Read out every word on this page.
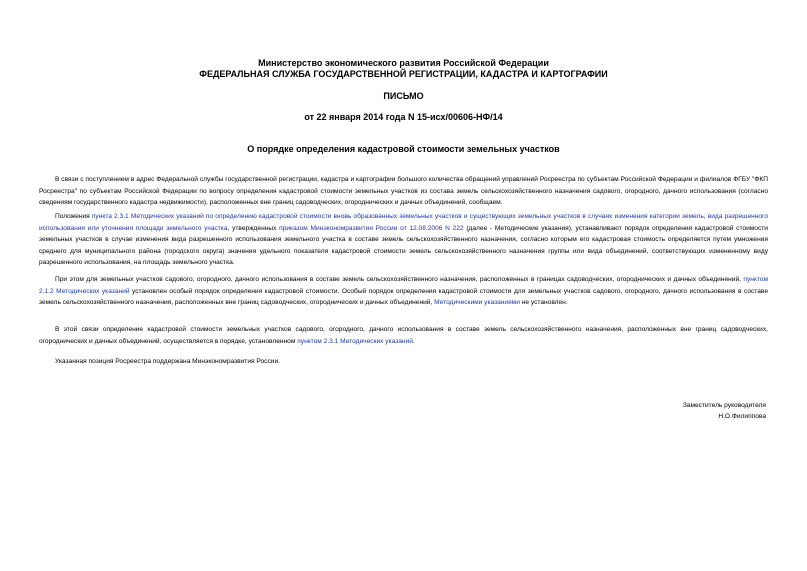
Министерство экономического развития Российской Федерации
ФЕДЕРАЛЬНАЯ СЛУЖБА ГОСУДАРСТВЕННОЙ РЕГИСТРАЦИИ, КАДАСТРА И КАРТОГРАФИИ
ПИСЬМО
от 22 января 2014 года N 15-исх/00606-НФ/14
О порядке определения кадастровой стоимости земельных участков
В связи с поступлением в адрес Федеральной службы государственной регистрации, кадастра и картографии большого количества обращений управлений Росреестра по субъектам Российской Федерации и филиалов ФГБУ "ФКП Росреестра" по субъектам Российской Федерации по вопросу определения кадастровой стоимости земельных участков из состава земель сельскохозяйственного назначения садового, огородного, дачного использования (согласно сведениям государственного кадастра недвижимости), расположенных вне границ садоводческих, огороднических и дачных объединений, сообщаем.
Положения пункта 2.3.1 Методических указаний по определению кадастровой стоимости вновь образованных земельных участков и существующих земельных участков в случаях изменения категории земель, вида разрешенного использования или уточнения площади земельного участка, утвержденных приказом Минэкономразвития России от 12.08.2006 N 222 (далее - Методические указания), устанавливают порядок определения кадастровой стоимости земельных участков в случае изменения вида разрешенного использования земельного участка в составе земель сельскохозяйственного назначения, согласно которым его кадастровая стоимость определяется путем умножения среднего для муниципального района (городского округа) значения удельного показателя кадастровой стоимости земель сельскохозяйственного назначения группы или вида объединений, соответствующих измененному виду разрешенного использования, на площадь земельного участка.
При этом для земельных участков садового, огородного, дачного использования в составе земель сельскохозяйственного назначения, расположенных в границах садоводческих, огороднических и дачных объединений, пунктом 2.1.2 Методических указаний установлен особый порядок определения кадастровой стоимости. Особый порядок определения кадастровой стоимости для земельных участков садового, огородного, дачного использования в составе земель сельскохозяйственного назначения, расположенных вне границ садоводческих, огороднических и дачных объединений, Методическими указаниями не установлен.
В этой связи определение кадастровой стоимости земельных участков садового, огородного, дачного использования в составе земель сельскохозяйственного назначения, расположенных вне границ садоводческих, огороднических и дачных объединений, осуществляется в порядке, установленном пунктом 2.3.1 Методических указаний.
Указанная позиция Росреестра поддержана Минэкономразвития России.
Заместитель руководителя
Н.О.Филиппова
